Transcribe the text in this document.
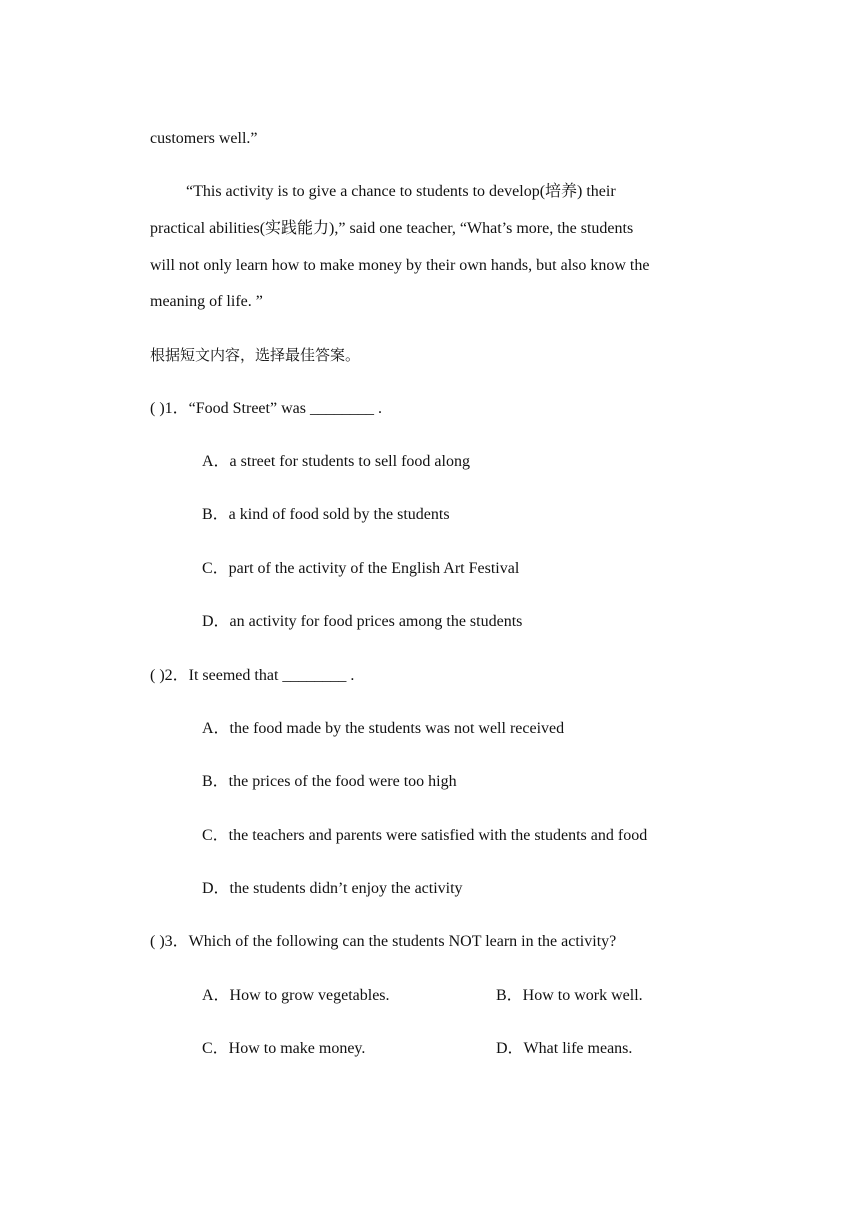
customers well.”
“This activity is to give a chance to students to develop(培养) their
practical abilities(实践能力),” said one teacher, “What’s more, the students
will not only learn how to make money by their own hands, but also know the
meaning of life. ”
根据短文内容，选择最佳答案。
( )1．“Food Street” was ________ .
A．a street for students to sell food along
B．a kind of food sold by the students
C．part of the activity of the English Art Festival
D．an activity for food prices among the students
( )2．It seemed that ________ .
A．the food made by the students was not well received
B．the prices of the food were too high
C．the teachers and parents were satisfied with the students and food
D．the students didn’t enjoy the activity
( )3．Which of the following can the students NOT learn in the activity?
A．How to grow vegetables.	B．How to work well.
C．How to make money.	D．What life means.
